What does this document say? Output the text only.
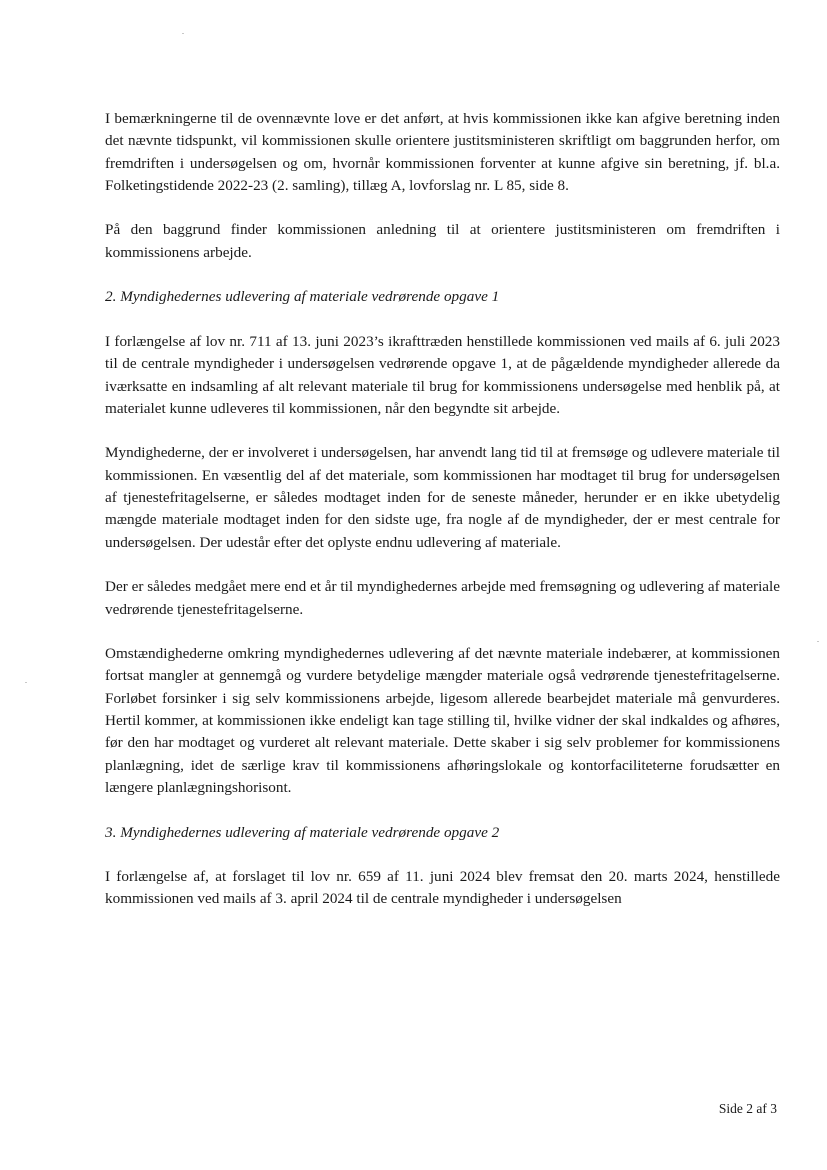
I bemærkningerne til de ovennævnte love er det anført, at hvis kommissionen ikke kan afgive beretning inden det nævnte tidspunkt, vil kommissionen skulle orientere justitsministeren skriftligt om baggrunden herfor, om fremdriften i undersøgelsen og om, hvornår kommissionen forventer at kunne afgive sin beretning, jf. bl.a. Folketingstidende 2022-23 (2. samling), tillæg A, lovforslag nr. L 85, side 8.

På den baggrund finder kommissionen anledning til at orientere justitsministeren om fremdriften i kommissionens arbejde.

2. Myndighedernes udlevering af materiale vedrørende opgave 1

I forlængelse af lov nr. 711 af 13. juni 2023’s ikrafttræden henstillede kommissionen ved mails af 6. juli 2023 til de centrale myndigheder i undersøgelsen vedrørende opgave 1, at de pågældende myndigheder allerede da iværksatte en indsamling af alt relevant materiale til brug for kommissionens undersøgelse med henblik på, at materialet kunne udleveres til kommissionen, når den begyndte sit arbejde.

Myndighederne, der er involveret i undersøgelsen, har anvendt lang tid til at fremsøge og udlevere materiale til kommissionen. En væsentlig del af det materiale, som kommissionen har modtaget til brug for undersøgelsen af tjenestefritagelserne, er således modtaget inden for de seneste måneder, herunder er en ikke ubetydelig mængde materiale modtaget inden for den sidste uge, fra nogle af de myndigheder, der er mest centrale for undersøgelsen. Der udestår efter det oplyste endnu udlevering af materiale.

Der er således medgået mere end et år til myndighedernes arbejde med fremsøgning og udlevering af materiale vedrørende tjenestefritagelserne.

Omstændighederne omkring myndighedernes udlevering af det nævnte materiale indebærer, at kommissionen fortsat mangler at gennemgå og vurdere betydelige mængder materiale også vedrørende tjenestefritagelserne. Forløbet forsinker i sig selv kommissionens arbejde, ligesom allerede bearbejdet materiale må genvurderes. Hertil kommer, at kommissionen ikke endeligt kan tage stilling til, hvilke vidner der skal indkaldes og afhøres, før den har modtaget og vurderet alt relevant materiale. Dette skaber i sig selv problemer for kommissionens planlægning, idet de særlige krav til kommissionens afhøringslokale og kontorfaciliteterne forudsætter en længere planlægningshorisont.

3. Myndighedernes udlevering af materiale vedrørende opgave 2

I forlængelse af, at forslaget til lov nr. 659 af 11. juni 2024 blev fremsat den 20. marts 2024, henstillede kommissionen ved mails af 3. april 2024 til de centrale myndigheder i undersøgelsen

Side 2 af 3
